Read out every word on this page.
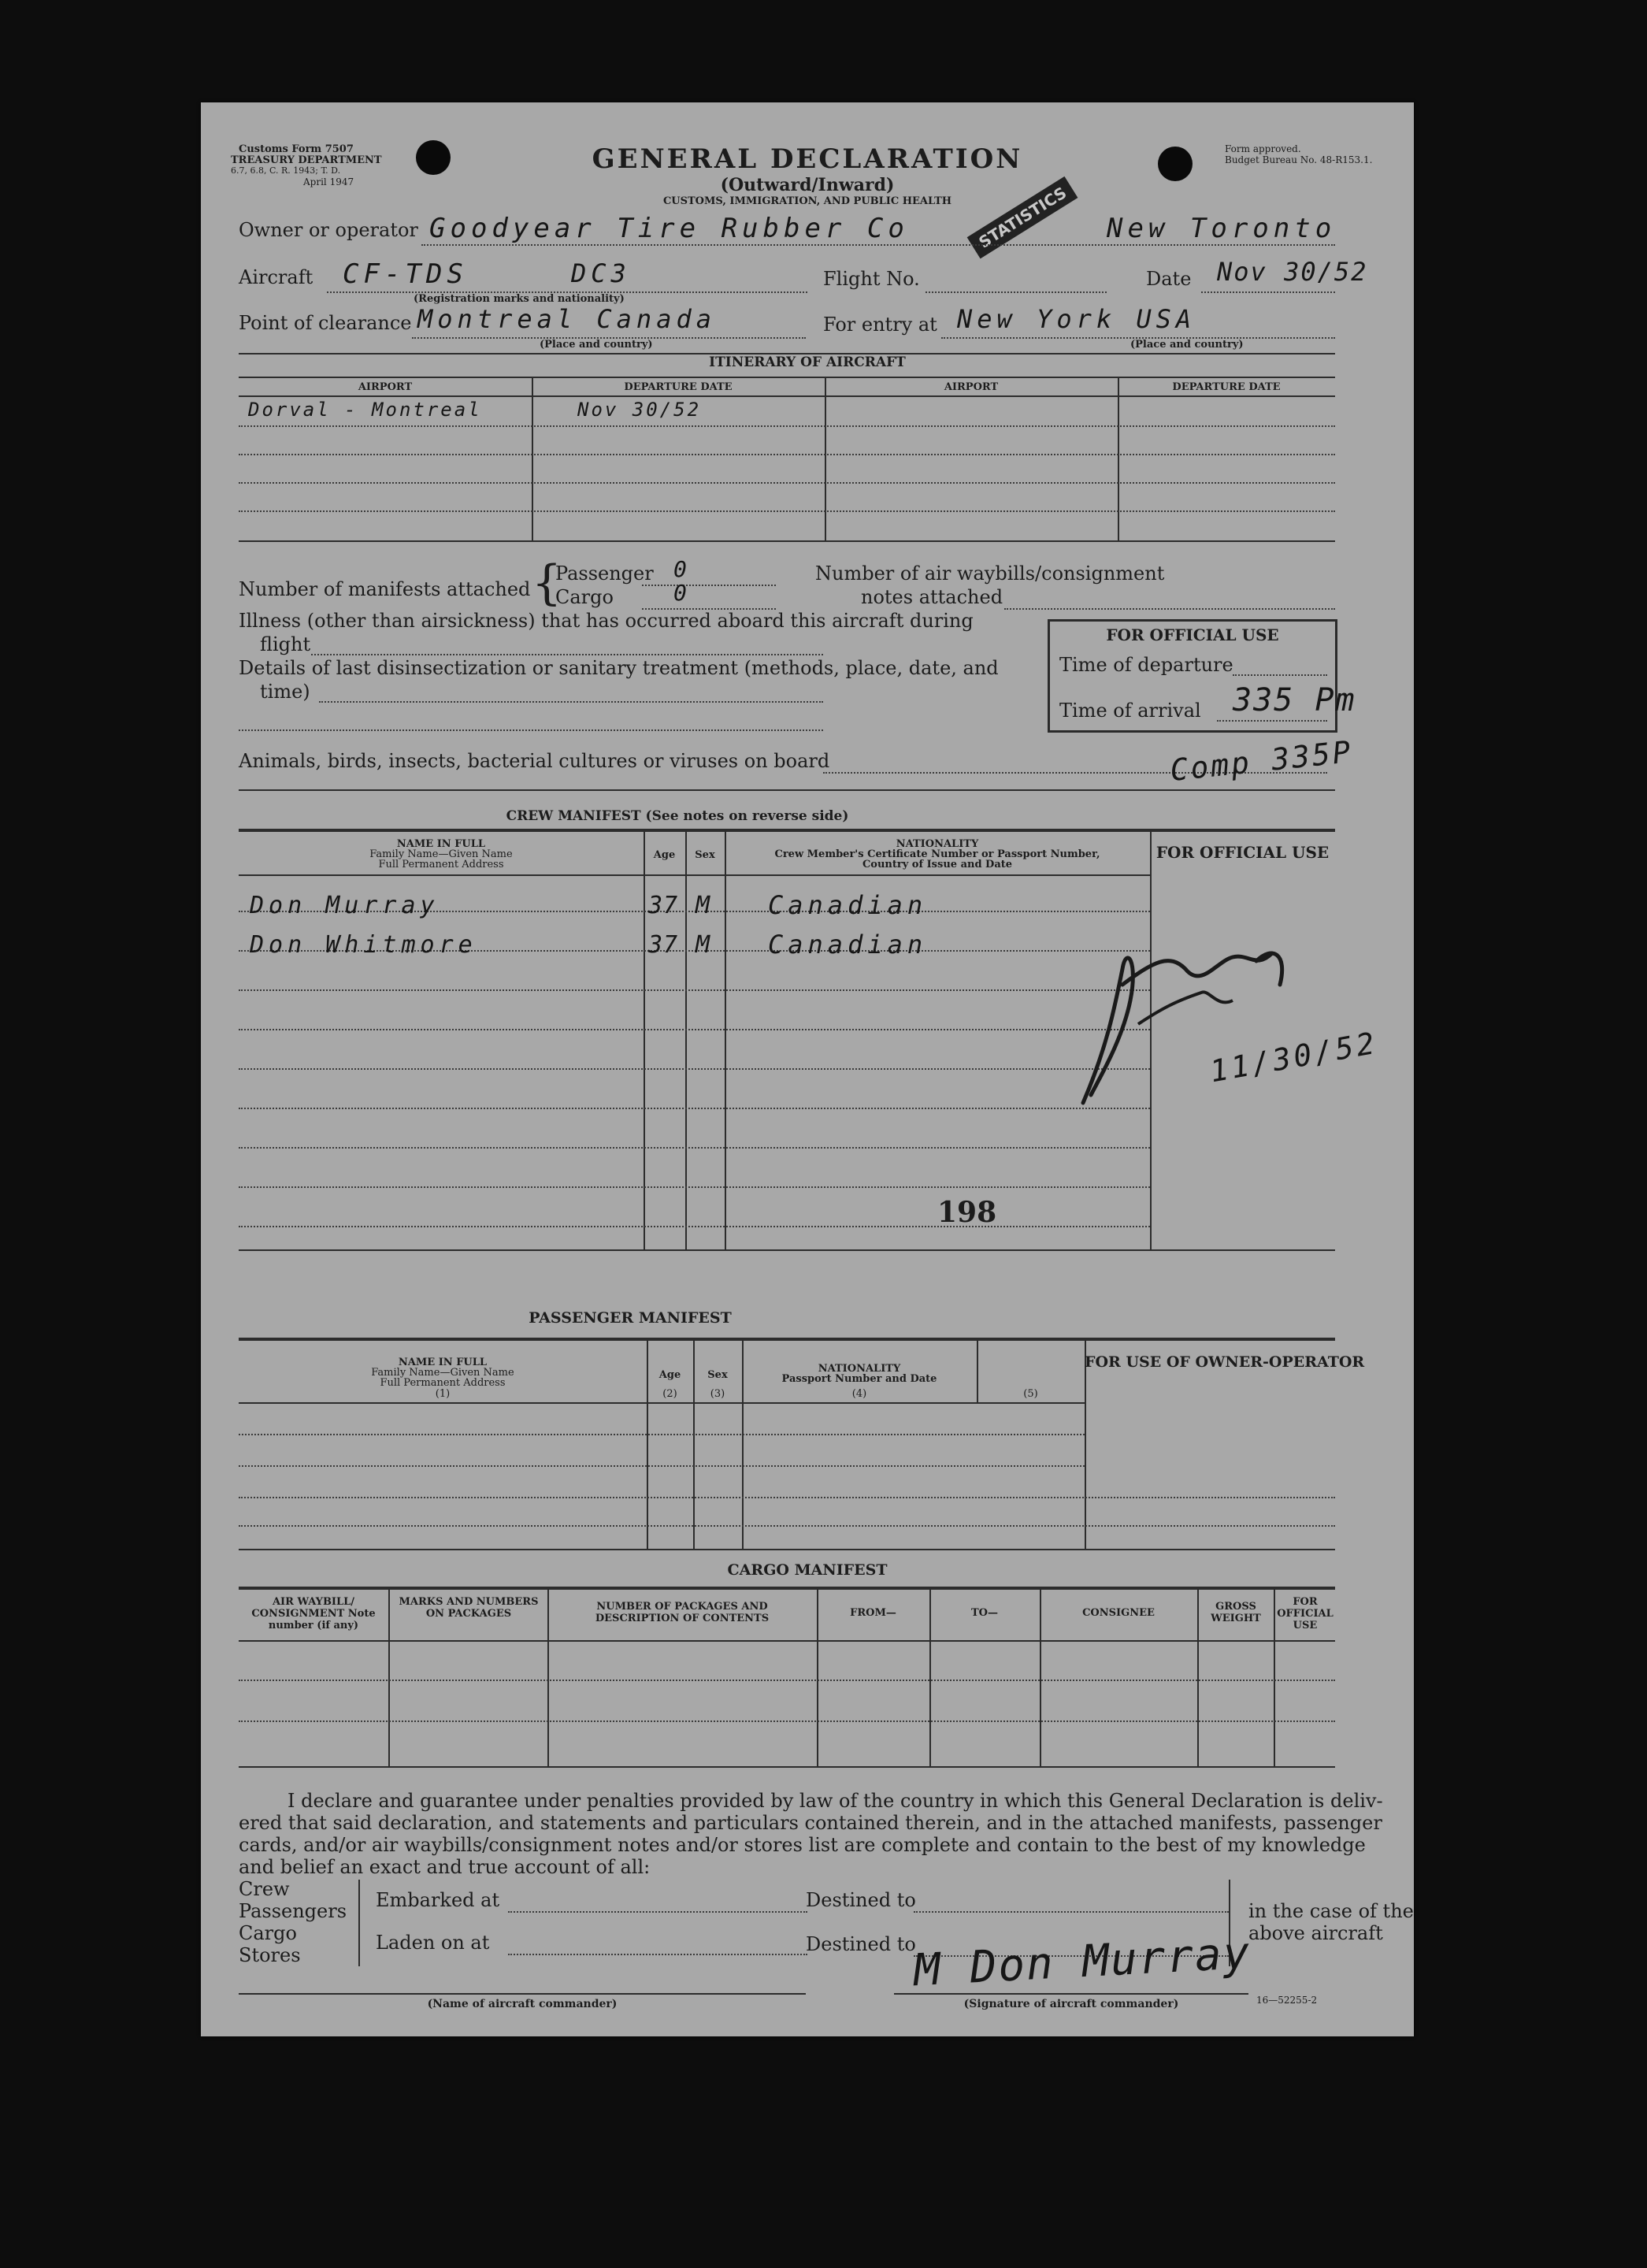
Customs Form 7507
TREASURY DEPARTMENT
6.7, 6.8, C. R. 1943; T. D.
April 1947
Form approved.
Budget Bureau No. 48-R153.1.
GENERAL DECLARATION
(Outward/Inward)
CUSTOMS, IMMIGRATION, AND PUBLIC HEALTH	STATISTICS
Owner or operator Goodyear Tire Rubber Co	New Toronto
Aircraft CF-TDS	DC3
(Registration marks and nationality)
Flight No.	Date Nov 30/52
Point of clearance Montreal Canada
(Place and country)
For entry at New York USA
(Place and country)
ITINERARY OF AIRCRAFT
AIRPORT	DEPARTURE DATE	AIRPORT	DEPARTURE DATE
Dorval - Montreal	Nov 30/52
Number of manifests attached {
Passenger 0
Cargo	0
Number of air waybills/consignment
notes attached
Illness (other than airsickness) that has occurred aboard this aircraft during
flight
Details of last disinsectization or sanitary treatment (methods, place, date, and
time)
FOR OFFICIAL USE
Time of departure
Time of arrival 335 Pm
Animals, birds, insects, bacterial cultures or viruses on board	Comp 335P
CREW MANIFEST (See notes on reverse side)
NAME IN FULL
Family Name—Given Name
Full Permanent Address
Age	Sex
NATIONALITY
Crew Member's Certificate Number or Passport Number,
Country of Issue and Date
FOR OFFICIAL USE
Don Murray	37 M Canadian
Don Whitmore	37 M Canadian
11/30/52
198
PASSENGER MANIFEST
NAME IN FULL
Family Name—Given Name
Full Permanent Address
(1)
Age
(2)
Sex
(3)
NATIONALITY
Passport Number and Date
(4)	(5)
FOR USE OF OWNER-OPERATOR
CARGO MANIFEST
AIR WAYBILL/ CONSIGNMENT Note number (if any)
MARKS AND NUMBERS ON PACKAGES
NUMBER OF PACKAGES AND DESCRIPTION OF CONTENTS	FROM—	TO—	CONSIGNEE
GROSS WEIGHT
FOR OFFICIAL USE
I declare and guarantee under penalties provided by law of the country in which this General Declaration is deliv-
ered that said declaration, and statements and particulars contained therein, and in the attached manifests, passenger
cards, and/or air waybills/consignment notes and/or stores list are complete and contain to the best of my knowledge
and belief an exact and true account of all:
Crew
Passengers
Cargo
Stores
Embarked at
Laden on at
Destined to
Destined to
in the case of the
above aircraft
(Name of aircraft commander)	(Signature of aircraft commander)	16—52255-2
M Don Murray
